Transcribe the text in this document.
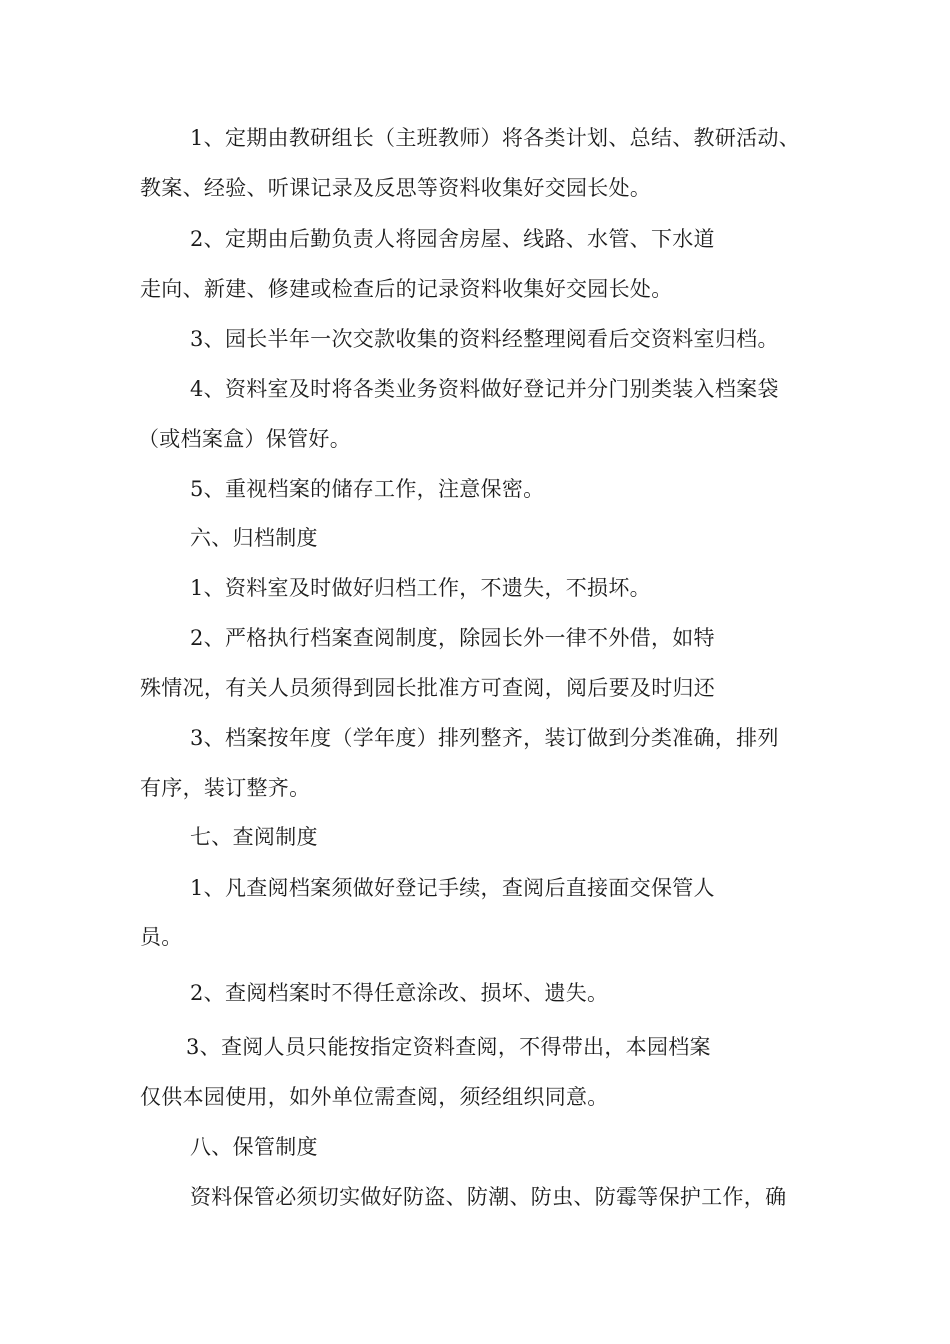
1、定期由教研组长（主班教师）将各类计划、总结、教研活动、
教案、经验、听课记录及反思等资料收集好交园长处。
2、定期由后勤负责人将园舍房屋、线路、水管、下水道
走向、新建、修建或检查后的记录资料收集好交园长处。
3、园长半年一次交款收集的资料经整理阅看后交资料室归档。
4、资料室及时将各类业务资料做好登记并分门别类装入档案袋
（或档案盒）保管好。
5、重视档案的储存工作，注意保密。
六、归档制度
1、资料室及时做好归档工作，不遗失，不损坏。
2、严格执行档案查阅制度，除园长外一律不外借，如特
殊情况，有关人员须得到园长批准方可查阅，阅后要及时归还
3、档案按年度（学年度）排列整齐，装订做到分类准确，排列
有序，装订整齐。
七、查阅制度
1、凡查阅档案须做好登记手续，查阅后直接面交保管人
员。
2、查阅档案时不得任意涂改、损坏、遗失。
3、查阅人员只能按指定资料查阅，不得带出，本园档案
仅供本园使用，如外单位需查阅，须经组织同意。
八、保管制度
资料保管必须切实做好防盗、防潮、防虫、防霉等保护工作，确
